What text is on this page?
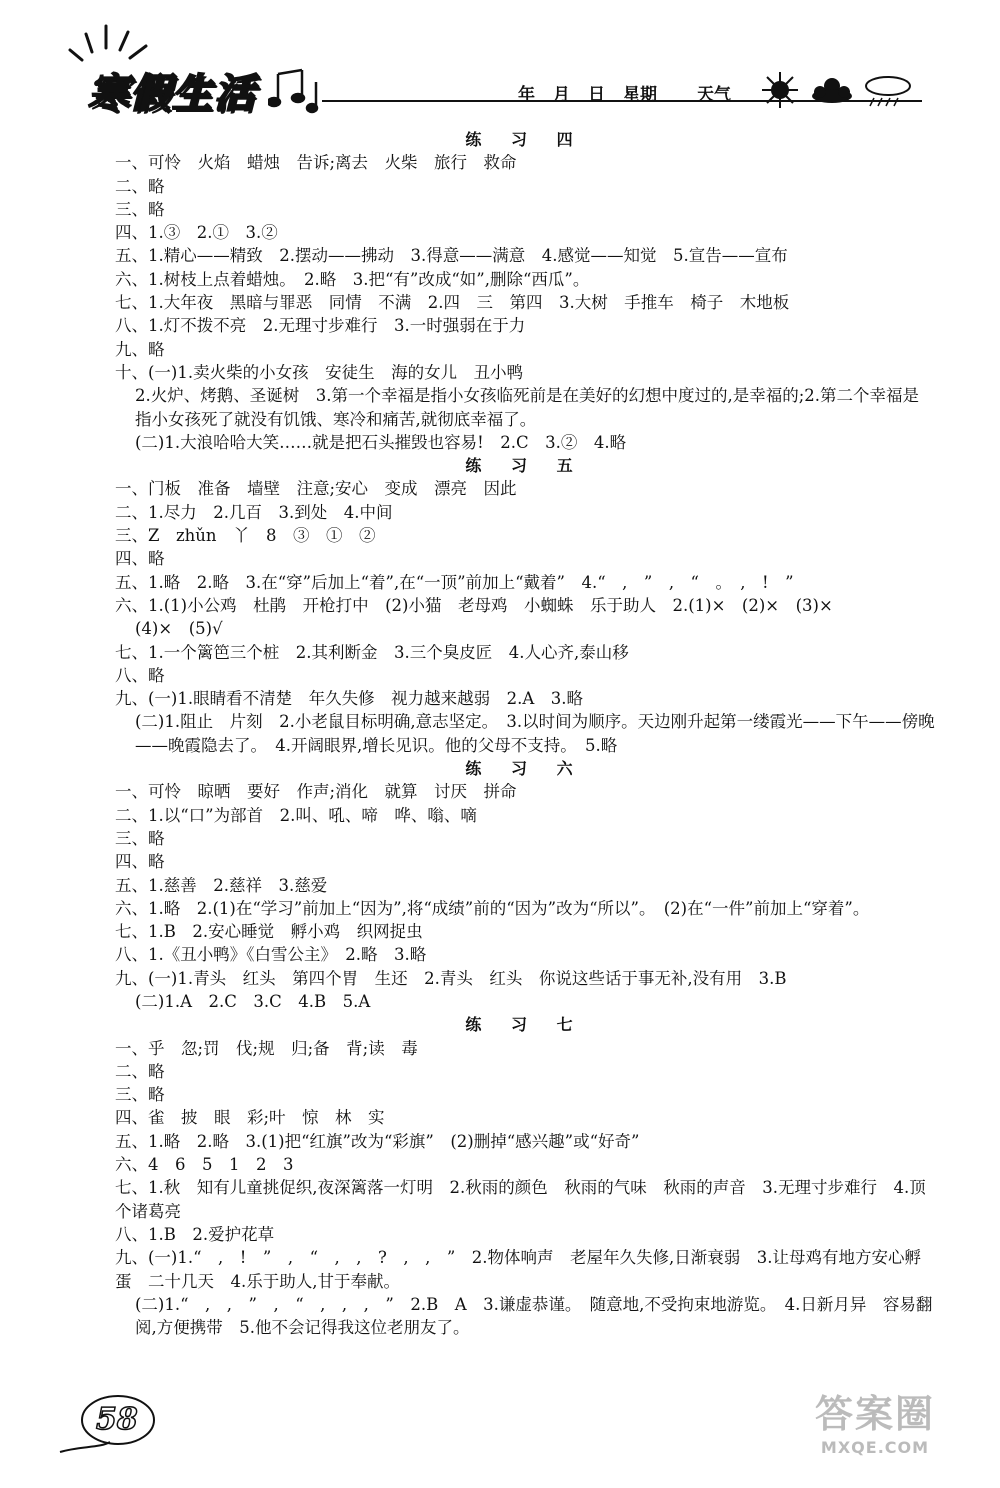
寒假生活	年 月 日 星期 天气
练 习 四
一、可怜　火焰　蜡烛　告诉;离去　火柴　旅行　救命
二、略
三、略
四、1.③　2.①　3.②
五、1.精心——精致　2.摆动——拂动　3.得意——满意　4.感觉——知觉　5.宣告——宣布
六、1.树枝上点着蜡烛。　2.略　3.把“有”改成“如”,删除“西瓜”。
七、1.大年夜　黑暗与罪恶　同情　不满　2.四　三　第四　3.大树　手推车　椅子　木地板
八、1.灯不拨不亮　2.无理寸步难行　3.一时强弱在于力
九、略
十、(一)1.卖火柴的小女孩　安徒生　海的女儿　丑小鸭
2.火炉、烤鹅、圣诞树　3.第一个幸福是指小女孩临死前是在美好的幻想中度过的,是幸福的;2.第二个幸福是指小女孩死了就没有饥饿、寒冷和痛苦,就彻底幸福了。
(二)1.大浪哈哈大笑……就是把石头摧毁也容易!　2.C　3.②　4.略
练 习 五
一、门板　准备　墙壁　注意;安心　变成　漂亮　因此
二、1.尽力　2.几百　3.到处　4.中间
三、Z　zhǔn　丫　8　③　①　②
四、略
五、1.略　2.略　3.在“穿”后加上“着”,在“一顶”前加上“戴着”　4.“　,　”　,　“　。　,　!　”
六、1.(1)小公鸡　杜鹃　开枪打中　(2)小猫　老母鸡　小蜘蛛　乐于助人　2.(1)×　(2)×　(3)×
(4)×　(5)√
七、1.一个篱笆三个桩　2.其利断金　3.三个臭皮匠　4.人心齐,泰山移
八、略
九、(一)1.眼睛看不清楚　年久失修　视力越来越弱　2.A　3.略
(二)1.阻止　片刻　2.小老鼠目标明确,意志坚定。　3.以时间为顺序。天边刚升起第一缕霞光——下午——傍晚——晚霞隐去了。　4.开阔眼界,增长见识。他的父母不支持。　5.略
练 习 六
一、可怜　晾晒　要好　作声;消化　就算　讨厌　拼命
二、1.以“口”为部首　2.叫、吼、啼　哗、嗡、嘀
三、略
四、略
五、1.慈善　2.慈祥　3.慈爱
六、1.略　2.(1)在“学习”前加上“因为”,将“成绩”前的“因为”改为“所以”。　(2)在“一件”前加上“穿着”。
七、1.B　2.安心睡觉　孵小鸡　织网捉虫
八、1.《丑小鸭》《白雪公主》　2.略　3.略
九、(一)1.青头　红头　第四个胃　生还　2.青头　红头　你说这些话于事无补,没有用　3.B
(二)1.A　2.C　3.C　4.B　5.A
练 习 七
一、乎　忽;罚　伐;规　归;备　背;读　毒
二、略
三、略
四、雀　披　眼　彩;叶　惊　林　实
五、1.略　2.略　3.(1)把“红旗”改为“彩旗”　(2)删掉“感兴趣”或“好奇”
六、4　6　5　1　2　3
七、1.秋　知有儿童挑促织,夜深篱落一灯明　2.秋雨的颜色　秋雨的气味　秋雨的声音　3.无理寸步难行　4.顶个诸葛亮
八、1.B　2.爱护花草
九、(一)1.“　,　!　”　,　“　,　,　?　,　,　”　2.物体响声　老屋年久失修,日渐衰弱　3.让母鸡有地方安心孵蛋　二十几天　4.乐于助人,甘于奉献。
(二)1.“　,　,　”　,　“　,　,　,　”　2.B　A　3.谦虚恭谨。　随意地,不受拘束地游览。　4.日新月异　容易翻阅,方便携带　5.他不会记得我这位老朋友了。
58	答案圈
MXQE.COM
